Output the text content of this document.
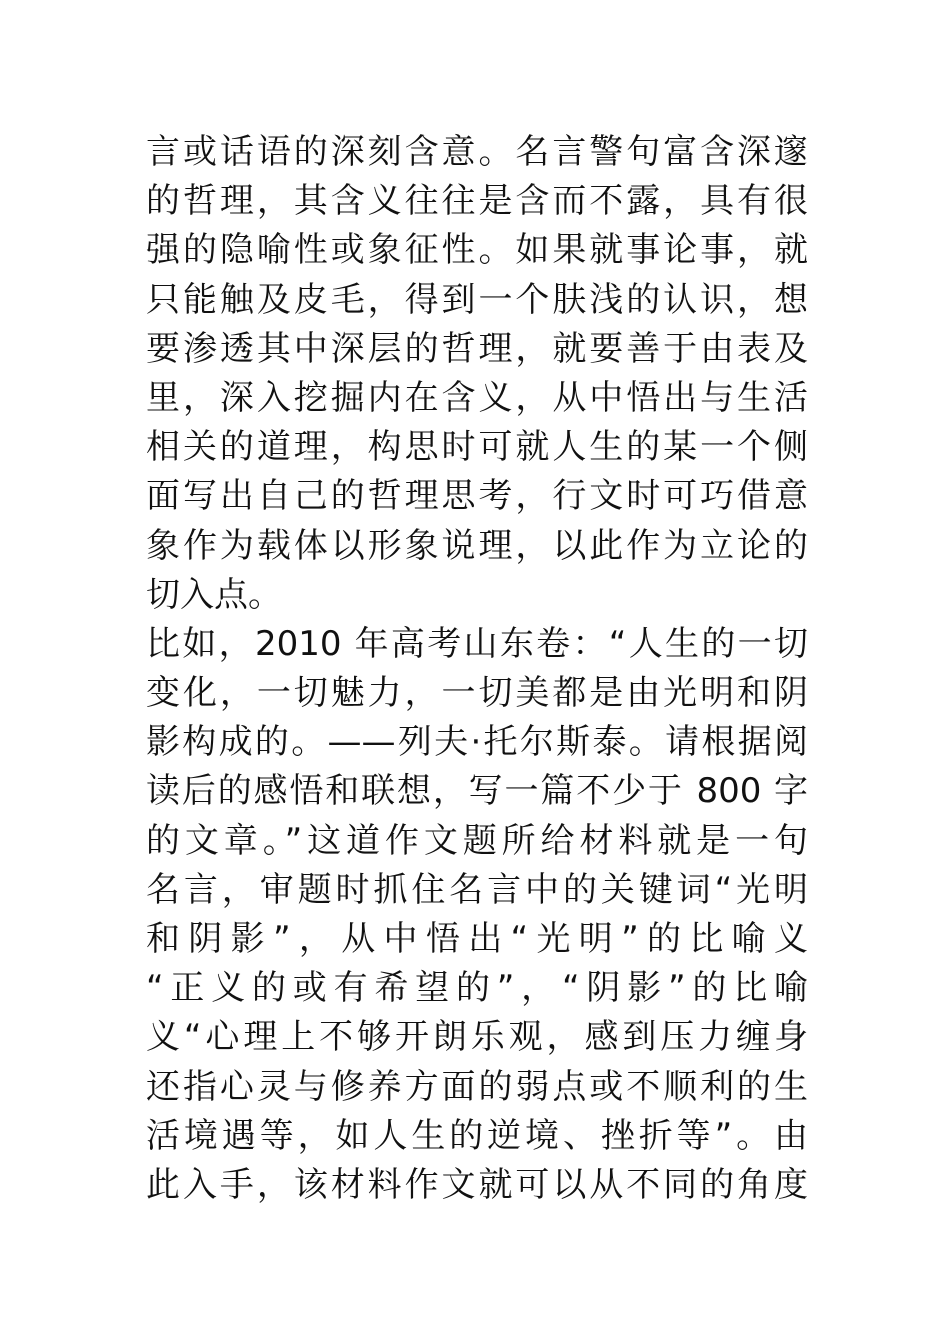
言或话语的深刻含意。名言警句富含深邃
的哲理，其含义往往是含而不露，具有很
强的隐喻性或象征性。如果就事论事，就
只能触及皮毛，得到一个肤浅的认识，想
要渗透其中深层的哲理，就要善于由表及
里，深入挖掘内在含义，从中悟出与生活
相关的道理，构思时可就人生的某一个侧
面写出自己的哲理思考，行文时可巧借意
象作为载体以形象说理，以此作为立论的
切入点。
比如，2010 年高考山东卷：“人生的一切
变化，一切魅力，一切美都是由光明和阴
影构成的。——列夫·托尔斯泰。请根据阅
读后的感悟和联想，写一篇不少于 800 字
的文章。”这道作文题所给材料就是一句
名言，审题时抓住名言中的关键词“光明
和阴影”，从中悟出“光明”的比喻义
“正义的或有希望的”，“阴影”的比喻
义“心理上不够开朗乐观，感到压力缠身
还指心灵与修养方面的弱点或不顺利的生
活境遇等，如人生的逆境、挫折等”。由
此入手，该材料作文就可以从不同的角度
